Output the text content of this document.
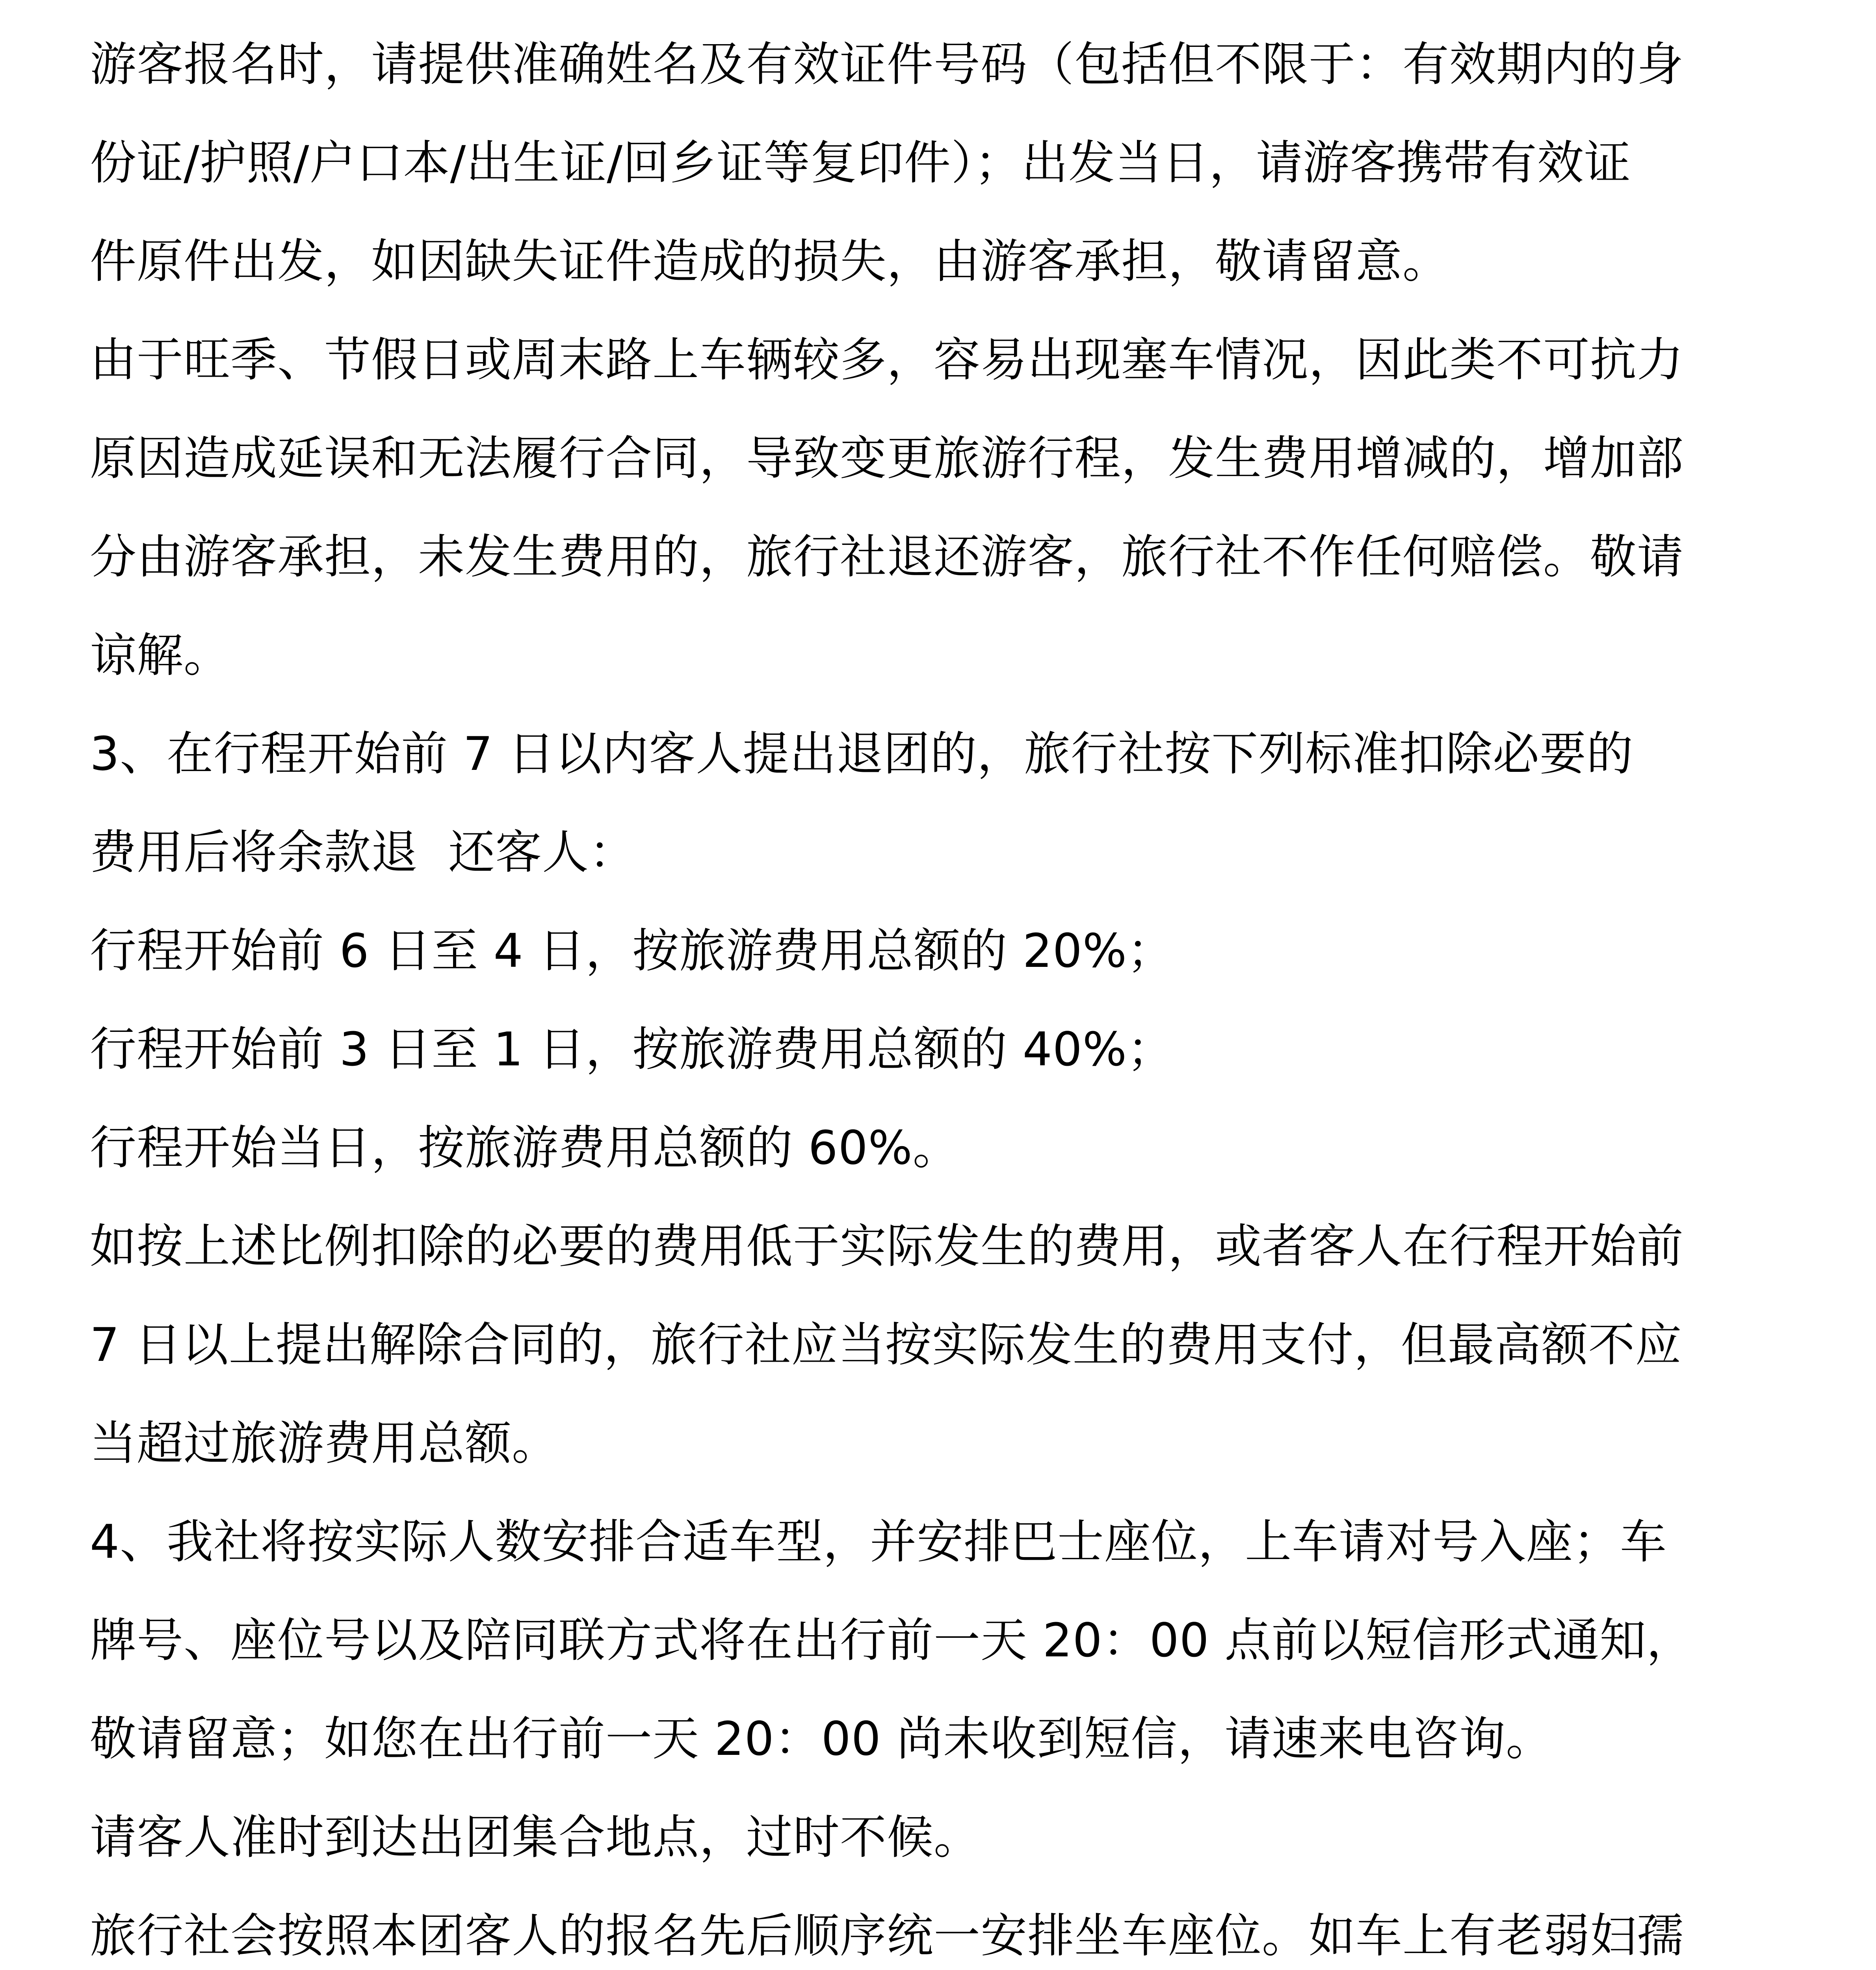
游客报名时，请提供准确姓名及有效证件号码（包括但不限于：有效期内的身
份证/护照/户口本/出生证/回乡证等复印件）；出发当日，请游客携带有效证
件原件出发，如因缺失证件造成的损失，由游客承担，敬请留意。
由于旺季、节假日或周末路上车辆较多，容易出现塞车情况，因此类不可抗力
原因造成延误和无法履行合同，导致变更旅游行程，发生费用增减的，增加部
分由游客承担，未发生费用的，旅行社退还游客，旅行社不作任何赔偿。敬请
谅解。
3、在行程开始前 7 日以内客人提出退团的，旅行社按下列标准扣除必要的
费用后将余款退  还客人：
行程开始前 6 日至 4 日，按旅游费用总额的 20%；
行程开始前 3 日至 1 日，按旅游费用总额的 40%；
行程开始当日，按旅游费用总额的 60%。
如按上述比例扣除的必要的费用低于实际发生的费用，或者客人在行程开始前
7 日以上提出解除合同的，旅行社应当按实际发生的费用支付，但最高额不应
当超过旅游费用总额。
4、我社将按实际人数安排合适车型，并安排巴士座位，上车请对号入座；车
牌号、座位号以及陪同联方式将在出行前一天 20：00 点前以短信形式通知，
敬请留意；如您在出行前一天 20：00 尚未收到短信，请速来电咨询。
请客人准时到达出团集合地点，过时不候。
旅行社会按照本团客人的报名先后顺序统一安排坐车座位。如车上有老弱妇孺
